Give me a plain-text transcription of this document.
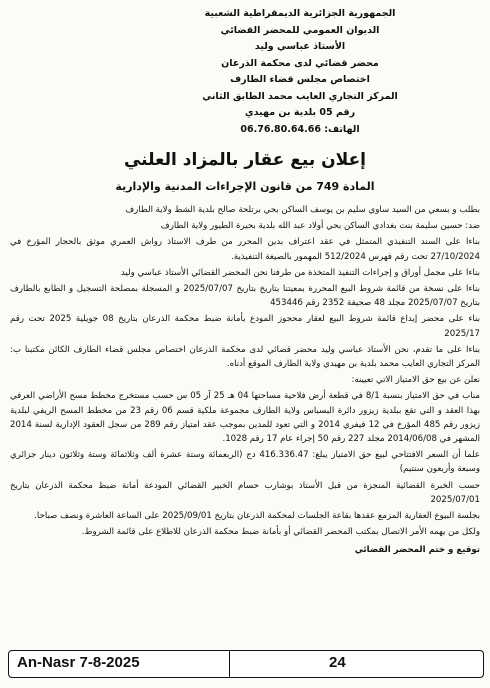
الجمهورية الجزائرية الديمقراطية الشعبية
الديوان العمومي للمحضر القضائي
الأستاذ عباسي وليد
محضر قضائي لدى محكمة الذرعان
اختصاص مجلس قضاء الطارف
المركز التجاري العايب محمد الطابق الثاني
رقم 05 بلدية بن مهيدي
الهاتف: 06.76.80.64.66
إعلان بيع عقار بالمزاد العلني
المادة 749 من قانون الإجراءات المدنية والإدارية

بطلب و بسعي من السيد ساوي سليم بن يوسف الساكن بحي برتلحة صالح بلدية الشط ولاية الطارف

ضد: حسين سليمة بنت بغدادي الساكن بحي أولاد عبد الله بلدية بحيرة الطيور ولاية الطارف

بناءا على السند التنفيذي المتمثل في عقد اعتراف بدين المحرر من طرف الاستاذ رواش العمري موثق بالحجار المؤرخ في 27/10/2024 تحت رقم فهرس 512/2024 المهمور بالصيغة التنفيذية.

بناءا على مجمل أوراق و إجراءات التنفيذ المتخذة من طرفنا نحن المحضر القضائي الأستاذ عباسي وليد

بناءا على نسخة من قائمة شروط البيع المحررة بمعيتنا بتاريخ بتاريخ 2025/07/07 و المسجلة بمصلحة التسجيل و الطابع بالطارف بتاريخ 2025/07/07 مجلد 48 صحيفة 2352 رقم 453446

بناء على محضر إيداع قائمة شروط البيع لعقار محجوز المودع بأمانة ضبط محكمة الذرعان بتاريخ 08 جويلية 2025 تحت رقم 2025/17

بناءا على ما تقدم، نحن الأستاذ عباسي وليد محضر قضائي لدى محكمة الذرعان اختصاص مجلس قضاء الطارف الكائن مكتبنا ب: المركز التجاري العايب محمد بلدية بن مهيدي ولاية الطارف الموقع أدناه.

نعلن عن بيع حق الامتياز الاتي تعيينه:

مناب في حق الامتياز بنسبة 8/1 في قطعة أرض فلاحية مساحتها 04 هـ 25 آر 05 س حسب مستخرج مخطط مسح الأراضي العرفي بهذا العقد و التي تقع ببلدية زيزور دائرة البسباس ولاية الطارف مجموعة ملكية قسم 06 رقم 23 من مخطط المسح الريفي لبلدية زيزور رقم 485 المؤرخ في 12 فيفري 2014 و التي تعود للمدين بموجب عقد امتياز رقم 289 من سجل العقود الإدارية لسنة 2014 المشهر في 2014/06/08 مجلد 227 رقم 50 إجراء عام 17 رقم 1028.

علما أن السعر الافتتاحي لبيع حق الامتياز يبلغ: 416.336.47 دج (الربعمائة وستة عشرة ألف وثلاثمائة وستة وثلاثون دينار جزائري وسبعة وأربعون سنتيم)

حسب الخبرة القضائية المنجزة من قبل الأستاذ بوشارب حسام الخبير القضائي المودعة أمانة ضبط محكمة الذرعان بتاريخ 2025/07/01

بجلسة البيوع العقارية المزمع عقدها بقاعة الجلسات لمحكمة الذرعان بتاريخ 2025/09/01 على الساعة العاشرة ونصف صباحا.

ولكل من يهمه الأمر الاتصال بمكتب المحضر القضائي أو بأمانة ضبط محكمة الذرعان للاطلاع على قائمة الشروط.

توقيع و ختم المحضر القضائي

An-Nasr 7-8-2025	24
